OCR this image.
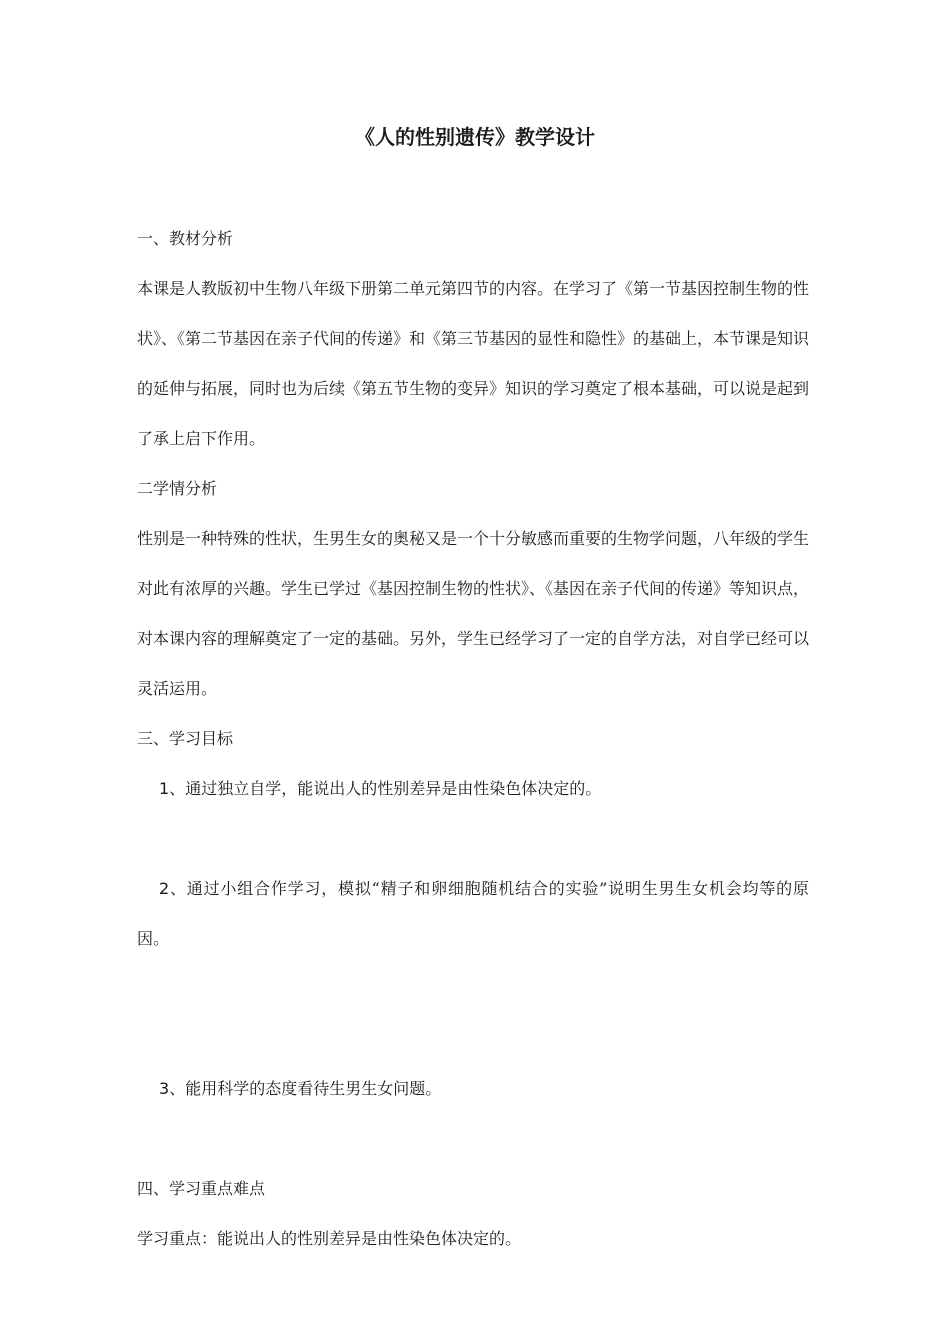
《人的性别遗传》教学设计

一、教材分析

本课是人教版初中生物八年级下册第二单元第四节的内容。在学习了《第一节基因控制生物的性状》、《第二节基因在亲子代间的传递》和《第三节基因的显性和隐性》的基础上，本节课是知识的延伸与拓展，同时也为后续《第五节生物的变异》知识的学习奠定了根本基础，可以说是起到了承上启下作用。

二学情分析

性别是一种特殊的性状，生男生女的奥秘又是一个十分敏感而重要的生物学问题，八年级的学生对此有浓厚的兴趣。学生已学过《基因控制生物的性状》、《基因在亲子代间的传递》等知识点，对本课内容的理解奠定了一定的基础。另外，学生已经学习了一定的自学方法，对自学已经可以灵活运用。

三、学习目标

1、通过独立自学，能说出人的性别差异是由性染色体决定的。

2、通过小组合作学习，模拟“精子和卵细胞随机结合的实验”说明生男生女机会均等的原因。

3、能用科学的态度看待生男生女问题。

四、学习重点难点

学习重点：能说出人的性别差异是由性染色体决定的。
